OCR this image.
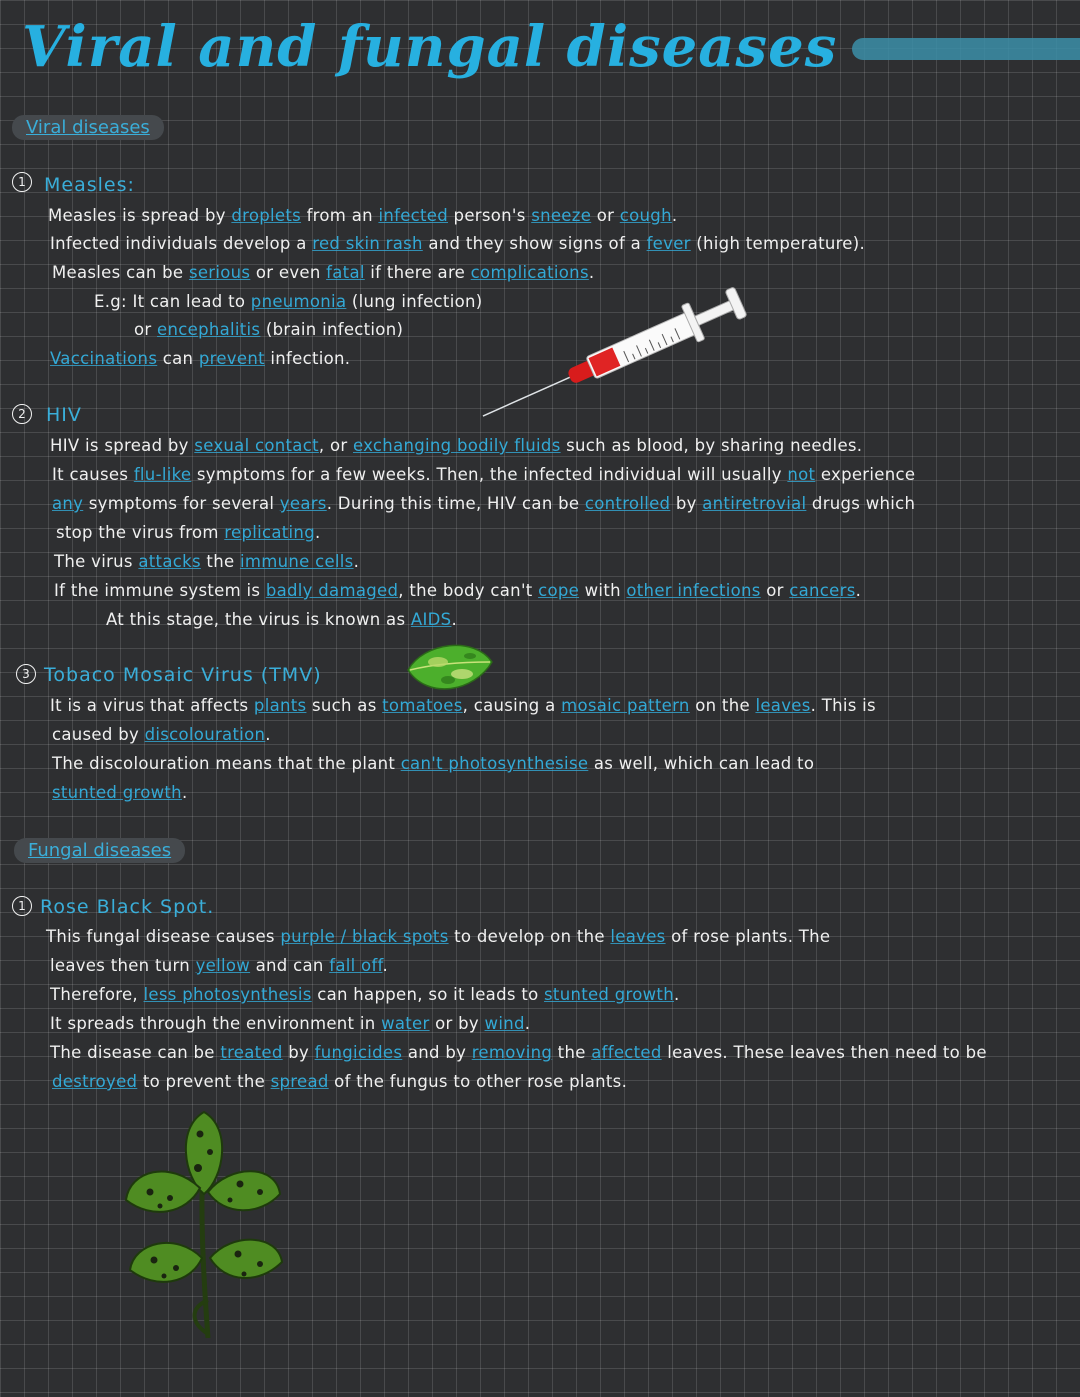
Viral and fungal diseases
Viral diseases
1 Measles:
Measles is spread by droplets from an infected person's sneeze or cough.
Infected individuals develop a red skin rash and they show signs of a fever (high temperature).
Measles can be serious or even fatal if there are complications.
E.g: It can lead to pneumonia (lung infection)
or encephalitis (brain infection)
Vaccinations can prevent infection.
2	HIV
HIV is spread by sexual contact, or exchanging bodily fluids such as blood, by sharing needles.
It causes flu-like symptoms for a few weeks. Then, the infected individual will usually not experience
any symptoms for several years. During this time, HIV can be controlled by antiretrovial drugs which
stop the virus from replicating.
The virus attacks the immune cells.
If the immune system is badly damaged, the body can't cope with other infections or cancers.
At this stage, the virus is known as AIDS.
3 Tobaco Mosaic Virus (TMV)
It is a virus that affects plants such as tomatoes, causing a mosaic pattern on the leaves. This is
caused by discolouration.
The discolouration means that the plant can't photosynthesise as well, which can lead to
stunted growth.
Fungal diseases
1 Rose Black Spot.
This fungal disease causes purple / black spots to develop on the leaves of rose plants. The
leaves then turn yellow and can fall off.
Therefore, less photosynthesis can happen, so it leads to stunted growth.
It spreads through the environment in water or by wind.
The disease can be treated by fungicides and by removing the affected leaves. These leaves then need to be
destroyed to prevent the spread of the fungus to other rose plants.
